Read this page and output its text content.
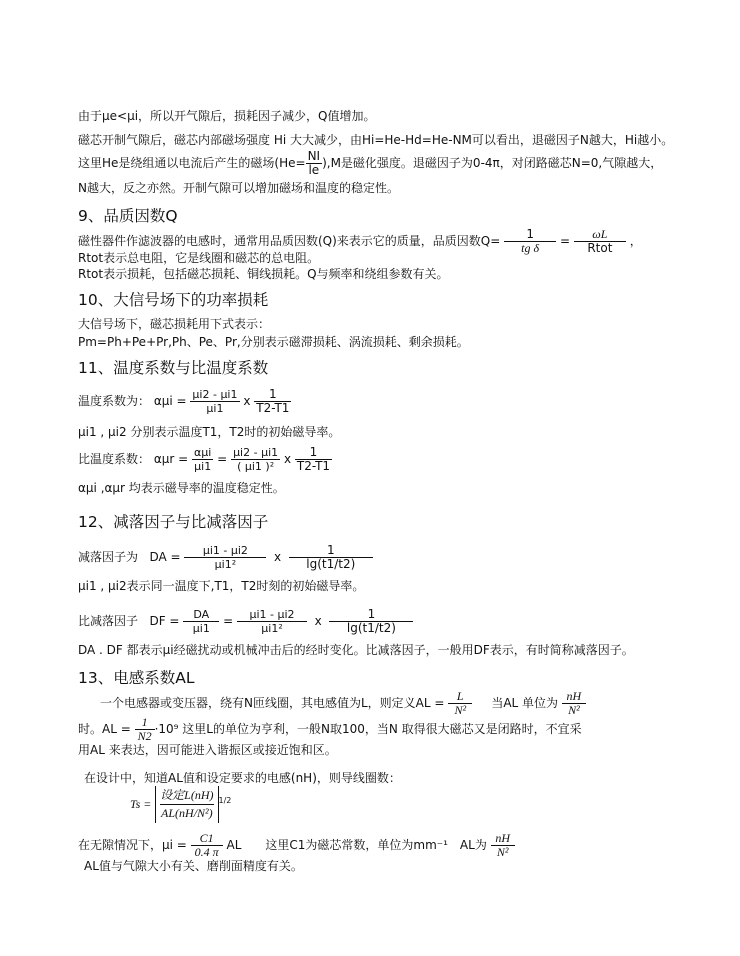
由于μe<μi，所以开气隙后，损耗因子减少，Q值增加。
磁芯开制气隙后，磁芯内部磁场强度 Hi 大大减少，由Hi=He-Hd=He-NM可以看出，退磁因子N越大，Hi越小。
这里He是绕组通以电流后产生的磁场$(He= \frac{NI}{le} ),M$是磁化强度。退磁因子为0-4π，对闭路磁芯N=0,气隙越大，
N越大，反之亦然。开制气隙可以增加磁场和温度的稳定性。
9、品质因数Q
磁性器件作滤波器的电感时，通常用品质因数(Q)来表示它的质量，品质因数$Q= \frac{1}{\text{tg δ}} = \frac{\omega L}{\text{Rtot}}$ ，
Rtot表示总电阻，它是线圈和磁芯的总电阻。
Rtot表示损耗，包括磁芯损耗、铜线损耗。Q与频率和绕组参数有关。
10、大信号场下的功率损耗
大信号场下，磁芯损耗用下式表示：
Pm=Ph+Pe+Pr,Ph、Pe、Pr,分别表示磁滞损耗、涡流损耗、剩余损耗。
11、温度系数与比温度系数
温度系数为： $\alpha\mu i = \frac{\mu i2 - \mu i1}{\mu i1}$ x $\frac{1}{T2-T1}$
μi1 , μi2 分别表示温度T1，T2时的初始磁导率。
比温度系数： $\alpha\mu r = \frac{\text{αμi}}{\mu i1} = \frac{\mu i2 - \mu i1}{\text{( μi1 )²}}$ x $\frac{1}{T2-T1}$
αμi ,αμr 均表示磁导率的温度稳定性。
12、减落因子与比减落因子
减落因子为 DA = $\frac{\mu i1 - \mu i2}{\text{μi1²}}$ x $\frac{1}{\lg(t1/t2)}$
μi1 , μi2表示同一温度下,T1，T2时刻的初始磁导率。
比减落因子 DF = $\frac{DA}{\mu i1} = \frac{\mu i1 - \mu i2}{\text{μi1²}}$ x $\frac{1}{\lg(t1/t2)}$
DA . DF 都表示μi经磁扰动或机械冲击后的经时变化。比减落因子，一般用DF表示，有时简称减落因子。
13、电感系数AL
一个电感器或变压器，绕有N匝线圈，其电感值为L，则定义AL = $\frac{L}{\text{N²}}$ 当AL 单位为 $\frac{nH}{\text{N²}}$
时。AL = $\frac{1}{N2} \cdot 10^9$ 这里L的单位为亨利，一般N取100，当N 取得很大磁芯又是闭路时，不宜采
用AL 来表达，因可能进入谐振区或接近饱和区。
在设计中，知道AL值和设定要求的电感(nH)，则导线圈数：
Ts =
设定L(nH)
AL(nH/N²)
$^{1/2}$
在无隙情况下，$\mu i = \frac{C1}{0.4 \pi}$ AL　　这里C1为磁芯常数，单位为mm⁻¹　AL为 $\frac{nH}{\text{N²}}$
AL值与气隙大小有关、磨削面精度有关。
